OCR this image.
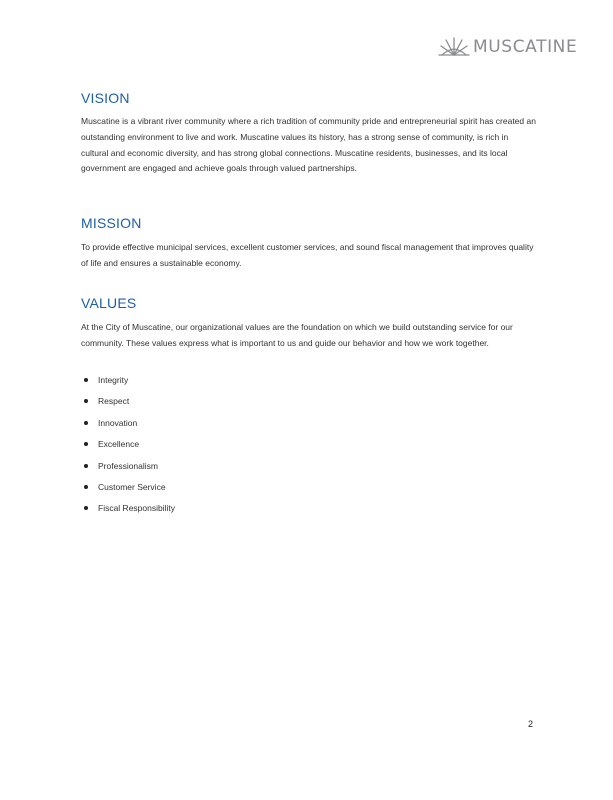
MUSCATINE
VISION

Muscatine is a vibrant river community where a rich tradition of community pride and entrepreneurial spirit has created an outstanding environment to live and work. Muscatine values its history, has a strong sense of community, is rich in cultural and economic diversity, and has strong global connections. Muscatine residents, businesses, and its local government are engaged and achieve goals through valued partnerships.

MISSION

To provide effective municipal services, excellent customer services, and sound fiscal management that improves quality of life and ensures a sustainable economy.

VALUES

At the City of Muscatine, our organizational values are the foundation on which we build outstanding service for our community. These values express what is important to us and guide our behavior and how we work together.

Integrity
Respect
Innovation
Excellence
Professionalism
Customer Service
Fiscal Responsibility
2
